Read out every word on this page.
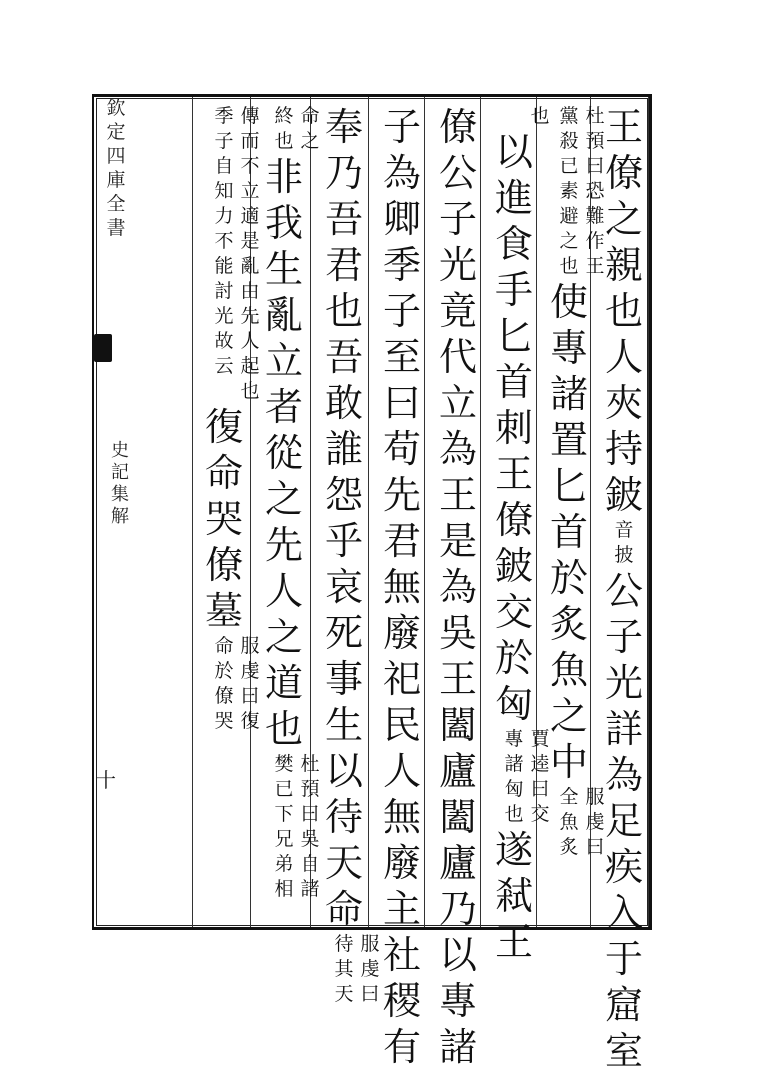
欽
定
四
庫
全
書
史
記
集
解
十
王
僚
之
親
也
人
夾
持
鈹
音
披
公
子
光
詳
為
足
疾
入
于
窟
室
杜
預
曰
恐
難
作
王
黨
殺
已
素
避
之
也
使
專
諸
置
匕
首
於
炙
魚
之
中
服
虔
曰
全
魚
炙
也
以
進
食
手
匕
首
刺
王
僚
鈹
交
於
匈
賈
逵
曰
交
專
諸
匈
也
遂
弒
王
僚
公
子
光
竟
代
立
為
王
是
為
吳
王
闔
廬
闔
廬
乃
以
專
諸
子
為
卿
季
子
至
曰
苟
先
君
無
廢
祀
民
人
無
廢
主
社
稷
有
奉
乃
吾
君
也
吾
敢
誰
怨
乎
哀
死
事
生
以
待
天
命
服
虔
曰
待
其
天
命
之
終
也
非
我
生
亂
立
者
從
之
先
人
之
道
也
杜
預
曰
吳
自
諸
樊
已
下
兄
弟
相
傳
而
不
立
適
是
亂
由
先
人
起
也
季
子
自
知
力
不
能
討
光
故
云
復
命
哭
僚
墓
服
虔
曰
復
命
於
僚
哭
